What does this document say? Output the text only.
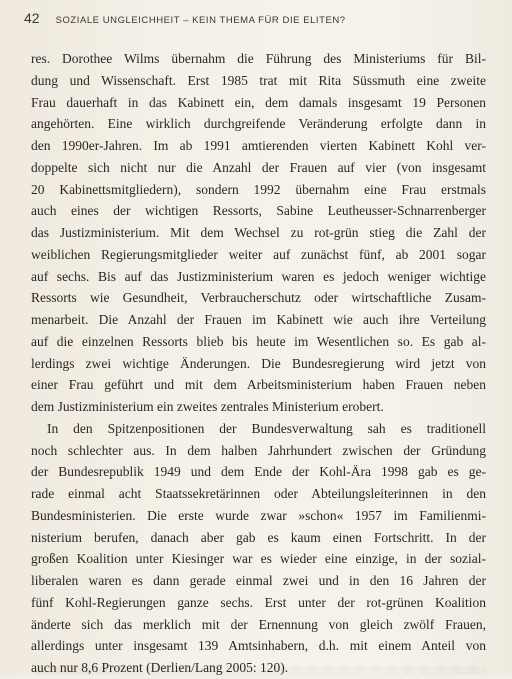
42 SOZIALE UNGLEICHHEIT – KEIN THEMA FÜR DIE ELITEN?
res. Dorothee Wilms übernahm die Führung des Ministeriums für Bil-
dung und Wissenschaft. Erst 1985 trat mit Rita Süssmuth eine zweite
Frau dauerhaft in das Kabinett ein, dem damals insgesamt 19 Personen
angehörten. Eine wirklich durchgreifende Veränderung erfolgte dann in
den 1990er-Jahren. Im ab 1991 amtierenden vierten Kabinett Kohl ver-
doppelte sich nicht nur die Anzahl der Frauen auf vier (von insgesamt
20 Kabinettsmitgliedern), sondern 1992 übernahm eine Frau erstmals
auch eines der wichtigen Ressorts, Sabine Leutheusser-Schnarrenberger
das Justizministerium. Mit dem Wechsel zu rot-grün stieg die Zahl der
weiblichen Regierungsmitglieder weiter auf zunächst fünf, ab 2001 sogar
auf sechs. Bis auf das Justizministerium waren es jedoch weniger wichtige
Ressorts wie Gesundheit, Verbraucherschutz oder wirtschaftliche Zusam-
menarbeit. Die Anzahl der Frauen im Kabinett wie auch ihre Verteilung
auf die einzelnen Ressorts blieb bis heute im Wesentlichen so. Es gab al-
lerdings zwei wichtige Änderungen. Die Bundesregierung wird jetzt von
einer Frau geführt und mit dem Arbeitsministerium haben Frauen neben
dem Justizministerium ein zweites zentrales Ministerium erobert.
In den Spitzenpositionen der Bundesverwaltung sah es traditionell
noch schlechter aus. In dem halben Jahrhundert zwischen der Gründung
der Bundesrepublik 1949 und dem Ende der Kohl-Ära 1998 gab es ge-
rade einmal acht Staatssekretärinnen oder Abteilungsleiterinnen in den
Bundesministerien. Die erste wurde zwar »schon« 1957 im Familienmi-
nisterium berufen, danach aber gab es kaum einen Fortschritt. In der
großen Koalition unter Kiesinger war es wieder eine einzige, in der sozial-
liberalen waren es dann gerade einmal zwei und in den 16 Jahren der
fünf Kohl-Regierungen ganze sechs. Erst unter der rot-grünen Koalition
änderte sich das merklich mit der Ernennung von gleich zwölf Frauen,
allerdings unter insgesamt 139 Amtsinhabern, d.h. mit einem Anteil von
auch nur 8,6 Prozent (Derlien/Lang 2005: 120).
